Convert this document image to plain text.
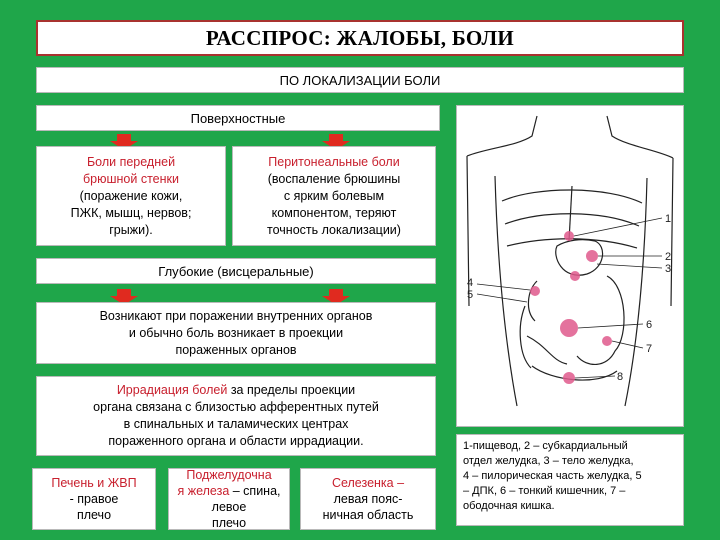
РАССПРОС: ЖАЛОБЫ, БОЛИ
ПО ЛОКАЛИЗАЦИИ БОЛИ
Поверхностные
Боли передней
брюшной стенки
(поражение кожи,
ПЖК, мышц, нервов;
грыжи).
Перитонеальные боли
(воспаление брюшины
с ярким болевым
компонентом, теряют
точность локализации)
Глубокие (висцеральные)
Возникают при поражении внутренних органов
и обычно боль возникает в проекции
пораженных органов
Иррадиация болей за пределы проекции
органа связана с близостью афферентных путей
в спинальных и таламических центрах
пораженного органа и области иррадиации.
Печень и ЖВП
- правое
плечо
Поджелудочна
я железа – спина, левое
плечо
Селезенка –
левая пояс-
ничная область
1
2
3
4
5
6
7
8
1-пищевод, 2 – субкардиальный
отдел желудка, 3 – тело желудка,
4 – пилорическая часть желудка, 5
– ДПК, 6 – тонкий кишечник, 7 –
ободочная кишка.
